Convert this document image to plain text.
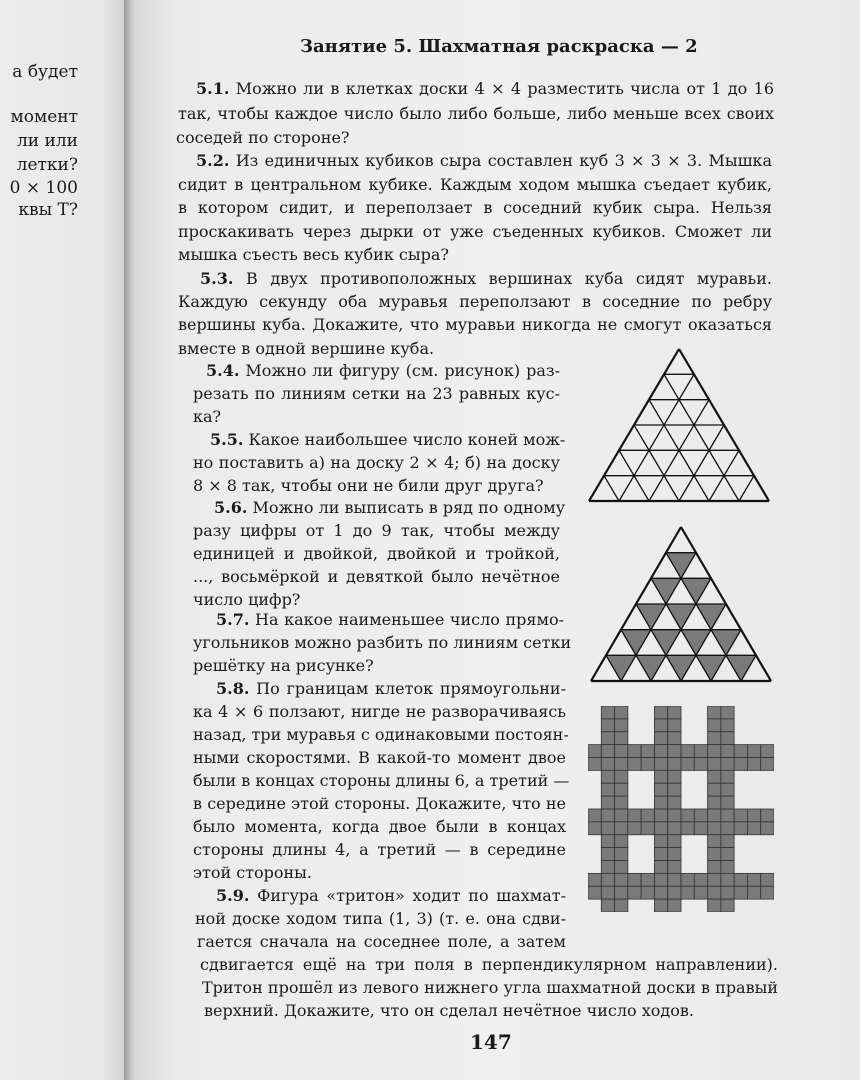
а будет
момент
ли или
летки?
0 × 100
квы Т?
Занятие 5. Шахматная раскраска — 2
5.1. Можно ли в клетках доски 4 × 4 разместить числа от 1 до 16
так, чтобы каждое число было либо больше, либо меньше всех своих
соседей по стороне?
5.2. Из единичных кубиков сыра составлен куб 3 × 3 × 3. Мышка
сидит в центральном кубике. Каждым ходом мышка съедает кубик,
в котором сидит, и переползает в соседний кубик сыра. Нельзя
проскакивать через дырки от уже съеденных кубиков. Сможет ли
мышка съесть весь кубик сыра?
5.3. В двух противоположных вершинах куба сидят муравьи.
Каждую секунду оба муравья переползают в соседние по ребру
вершины куба. Докажите, что муравьи никогда не смогут оказаться
вместе в одной вершине куба.
5.4. Можно ли фигуру (см. рисунок) раз-
резать по линиям сетки на 23 равных кус-
ка?
5.5. Какое наибольшее число коней мож-
но поставить а) на доску 2 × 4; б) на доску
8 × 8 так, чтобы они не били друг друга?
5.6. Можно ли выписать в ряд по одному
разу цифры от 1 до 9 так, чтобы между
единицей и двойкой, двойкой и тройкой,
..., восьмёркой и девяткой было нечётное
число цифр?
5.7. На какое наименьшее число прямо-
угольников можно разбить по линиям сетки
решётку на рисунке?
5.8. По границам клеток прямоугольни-
ка 4 × 6 ползают, нигде не разворачиваясь
назад, три муравья с одинаковыми постоян-
ными скоростями. В какой-то момент двое
были в концах стороны длины 6, а третий —
в середине этой стороны. Докажите, что не
было момента, когда двое были в концах
стороны длины 4, а третий — в середине
этой стороны.
5.9. Фигура «тритон» ходит по шахмат-
ной доске ходом типа (1, 3) (т. е. она сдви-
гается сначала на соседнее поле, а затем
сдвигается ещё на три поля в перпендикулярном направлении).
Тритон прошёл из левого нижнего угла шахматной доски в правый
верхний. Докажите, что он сделал нечётное число ходов.
147
